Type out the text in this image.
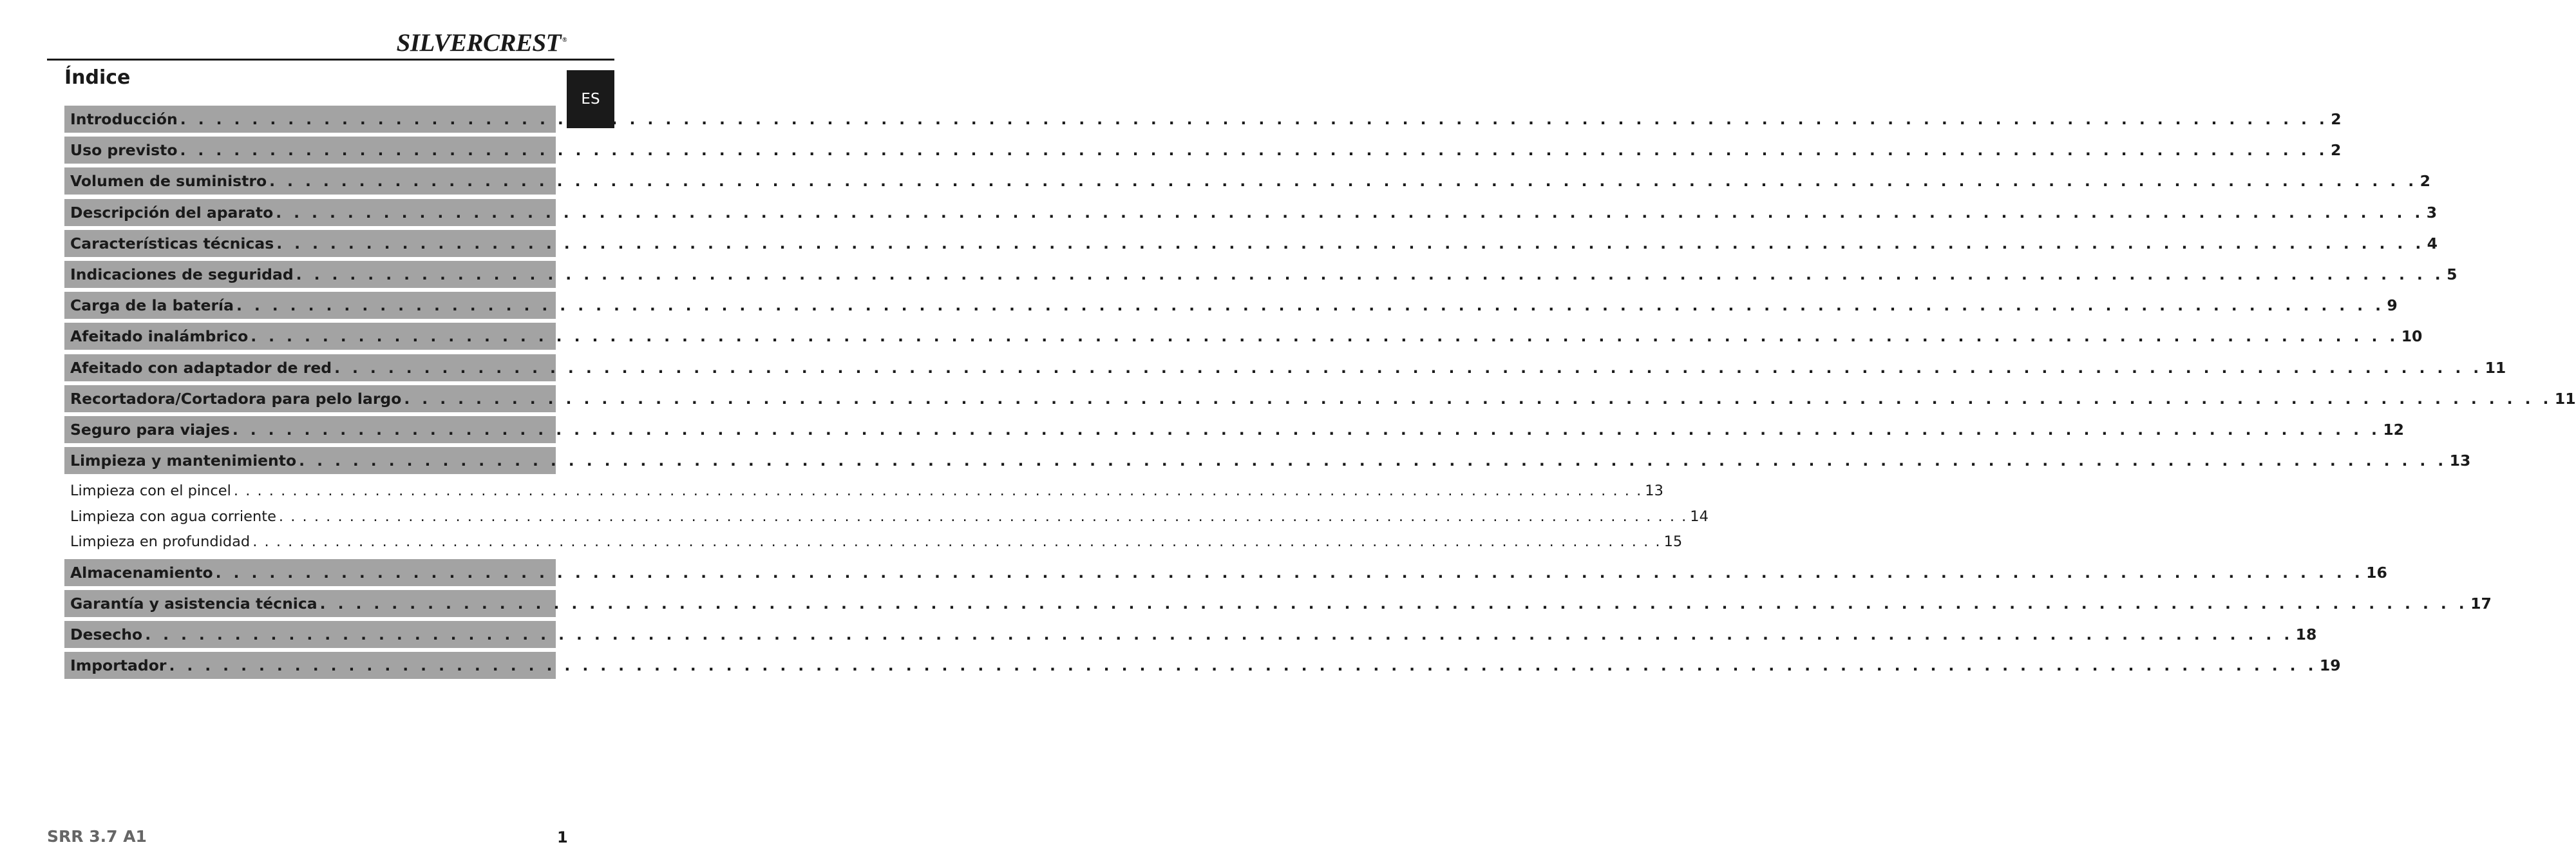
SILVERCREST ®
ES
Índice
Introducción . . . . . . . . . . . . . . . . . . . . . . . . . . . . . . . . . . . . . . . . . . . . . . . . . . . . . . . . . . . . . . . . . . . . . . . . . . . . . . . . . . . . . . . . . . . . . . . . . . . . . . . . . . . . . . . . . . . . . . . . 2
Uso previsto . . . . . . . . . . . . . . . . . . . . . . . . . . . . . . . . . . . . . . . . . . . . . . . . . . . . . . . . . . . . . . . . . . . . . . . . . . . . . . . . . . . . . . . . . . . . . . . . . . . . . . . . . . . . . . . . . . . . . . . . 2
Volumen de suministro . . . . . . . . . . . . . . . . . . . . . . . . . . . . . . . . . . . . . . . . . . . . . . . . . . . . . . . . . . . . . . . . . . . . . . . . . . . . . . . . . . . . . . . . . . . . . . . . . . . . . . . . . . . . . . . . . . . . . . . . 2
Descripción del aparato . . . . . . . . . . . . . . . . . . . . . . . . . . . . . . . . . . . . . . . . . . . . . . . . . . . . . . . . . . . . . . . . . . . . . . . . . . . . . . . . . . . . . . . . . . . . . . . . . . . . . . . . . . . . . . . . . . . . . . . . 3
Características técnicas . . . . . . . . . . . . . . . . . . . . . . . . . . . . . . . . . . . . . . . . . . . . . . . . . . . . . . . . . . . . . . . . . . . . . . . . . . . . . . . . . . . . . . . . . . . . . . . . . . . . . . . . . . . . . . . . . . . . . . . . 4
Indicaciones de seguridad . . . . . . . . . . . . . . . . . . . . . . . . . . . . . . . . . . . . . . . . . . . . . . . . . . . . . . . . . . . . . . . . . . . . . . . . . . . . . . . . . . . . . . . . . . . . . . . . . . . . . . . . . . . . . . . . . . . . . . . . 5
Carga de la batería . . . . . . . . . . . . . . . . . . . . . . . . . . . . . . . . . . . . . . . . . . . . . . . . . . . . . . . . . . . . . . . . . . . . . . . . . . . . . . . . . . . . . . . . . . . . . . . . . . . . . . . . . . . . . . . . . . . . . . . . 9
Afeitado inalámbrico . . . . . . . . . . . . . . . . . . . . . . . . . . . . . . . . . . . . . . . . . . . . . . . . . . . . . . . . . . . . . . . . . . . . . . . . . . . . . . . . . . . . . . . . . . . . . . . . . . . . . . . . . . . . . . . . . . . . . . . . 10
Afeitado con adaptador de red . . . . . . . . . . . . . . . . . . . . . . . . . . . . . . . . . . . . . . . . . . . . . . . . . . . . . . . . . . . . . . . . . . . . . . . . . . . . . . . . . . . . . . . . . . . . . . . . . . . . . . . . . . . . . . . . . . . . . . . . 11
Recortadora/Cortadora para pelo largo . . . . . . . . . . . . . . . . . . . . . . . . . . . . . . . . . . . . . . . . . . . . . . . . . . . . . . . . . . . . . . . . . . . . . . . . . . . . . . . . . . . . . . . . . . . . . . . . . . . . . . . . . . . . . . . . . . . . . . . . 11
Seguro para viajes . . . . . . . . . . . . . . . . . . . . . . . . . . . . . . . . . . . . . . . . . . . . . . . . . . . . . . . . . . . . . . . . . . . . . . . . . . . . . . . . . . . . . . . . . . . . . . . . . . . . . . . . . . . . . . . . . . . . . . . . 12
Limpieza y mantenimiento . . . . . . . . . . . . . . . . . . . . . . . . . . . . . . . . . . . . . . . . . . . . . . . . . . . . . . . . . . . . . . . . . . . . . . . . . . . . . . . . . . . . . . . . . . . . . . . . . . . . . . . . . . . . . . . . . . . . . . . . 13
Limpieza con el pincel . . . . . . . . . . . . . . . . . . . . . . . . . . . . . . . . . . . . . . . . . . . . . . . . . . . . . . . . . . . . . . . . . . . . . . . . . . . . . . . . . . . . . . . . . . . . . . . . . . . . . . . . . . . . . . . . . . . . . . . . 13
Limpieza con agua corriente . . . . . . . . . . . . . . . . . . . . . . . . . . . . . . . . . . . . . . . . . . . . . . . . . . . . . . . . . . . . . . . . . . . . . . . . . . . . . . . . . . . . . . . . . . . . . . . . . . . . . . . . . . . . . . . . . . . . . . . . 14
Limpieza en profundidad . . . . . . . . . . . . . . . . . . . . . . . . . . . . . . . . . . . . . . . . . . . . . . . . . . . . . . . . . . . . . . . . . . . . . . . . . . . . . . . . . . . . . . . . . . . . . . . . . . . . . . . . . . . . . . . . . . . . . . . . 15
Almacenamiento . . . . . . . . . . . . . . . . . . . . . . . . . . . . . . . . . . . . . . . . . . . . . . . . . . . . . . . . . . . . . . . . . . . . . . . . . . . . . . . . . . . . . . . . . . . . . . . . . . . . . . . . . . . . . . . . . . . . . . . . 16
Garantía y asistencia técnica . . . . . . . . . . . . . . . . . . . . . . . . . . . . . . . . . . . . . . . . . . . . . . . . . . . . . . . . . . . . . . . . . . . . . . . . . . . . . . . . . . . . . . . . . . . . . . . . . . . . . . . . . . . . . . . . . . . . . . . . 17
Desecho . . . . . . . . . . . . . . . . . . . . . . . . . . . . . . . . . . . . . . . . . . . . . . . . . . . . . . . . . . . . . . . . . . . . . . . . . . . . . . . . . . . . . . . . . . . . . . . . . . . . . . . . . . . . . . . . . . . . . . . . 18
Importador . . . . . . . . . . . . . . . . . . . . . . . . . . . . . . . . . . . . . . . . . . . . . . . . . . . . . . . . . . . . . . . . . . . . . . . . . . . . . . . . . . . . . . . . . . . . . . . . . . . . . . . . . . . . . . . . . . . . . . . . 19
SRR 3.7 A1	1
